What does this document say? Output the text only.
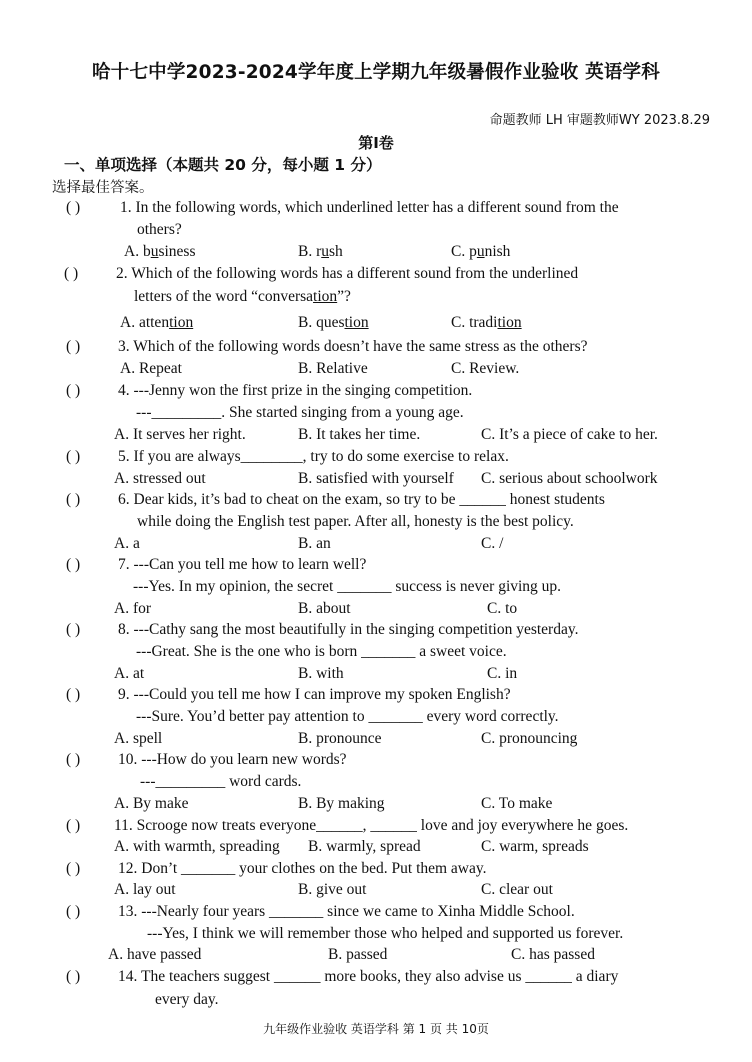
哈十七中学2023-2024学年度上学期九年级暑假作业验收 英语学科
命题教师 LH 审题教师WY 2023.8.29
第I卷
一、单项选择（本题共 20 分，每小题 1 分）
选择最佳答案。
( )	1. In the following words, which underlined letter has a different sound from the
others?
A. business	B. rush	C. punish
( ) 2. Which of the following words has a different sound from the underlined
letters of the word “conversation”?
A. attention	B. question	C. tradition
( ) 3. Which of the following words doesn’t have the same stress as the others?
A. Repeat	B. Relative	C. Review.
( ) 4. ---Jenny won the first prize in the singing competition.
---_________. She started singing from a young age.
A. It serves her right.	B. It takes her time.	C. It’s a piece of cake to her.
( ) 5. If you are always________, try to do some exercise to relax.
A. stressed out	B. satisfied with yourself C. serious about schoolwork
( ) 6. Dear kids, it’s bad to cheat on the exam, so try to be ______ honest students
while doing the English test paper. After all, honesty is the best policy.
A. a	B. an	C. /
( ) 7. ---Can you tell me how to learn well?
---Yes. In my opinion, the secret _______ success is never giving up.
A. for	B. about	C. to
( ) 8. ---Cathy sang the most beautifully in the singing competition yesterday.
---Great. She is the one who is born _______ a sweet voice.
A. at	B. with	C. in
( ) 9. ---Could you tell me how I can improve my spoken English?
---Sure. You’d better pay attention to _______ every word correctly.
A. spell	B. pronounce	C. pronouncing
( ) 10. ---How do you learn new words?
---_________ word cards.
A. By make	B. By making	C. To make
( ) 11. Scrooge now treats everyone______, ______ love and joy everywhere he goes.
A. with warmth, spreading B. warmly, spread	C. warm, spreads
( ) 12. Don’t _______ your clothes on the bed. Put them away.
A. lay out	B. give out	C. clear out
( ) 13. ---Nearly four years _______ since we came to Xinha Middle School.
---Yes, I think we will remember those who helped and supported us forever.
A. have passed	B. passed	C. has passed
( ) 14. The teachers suggest ______ more books, they also advise us ______ a diary
every day.
九年级作业验收 英语学科 第 1 页 共 10页
